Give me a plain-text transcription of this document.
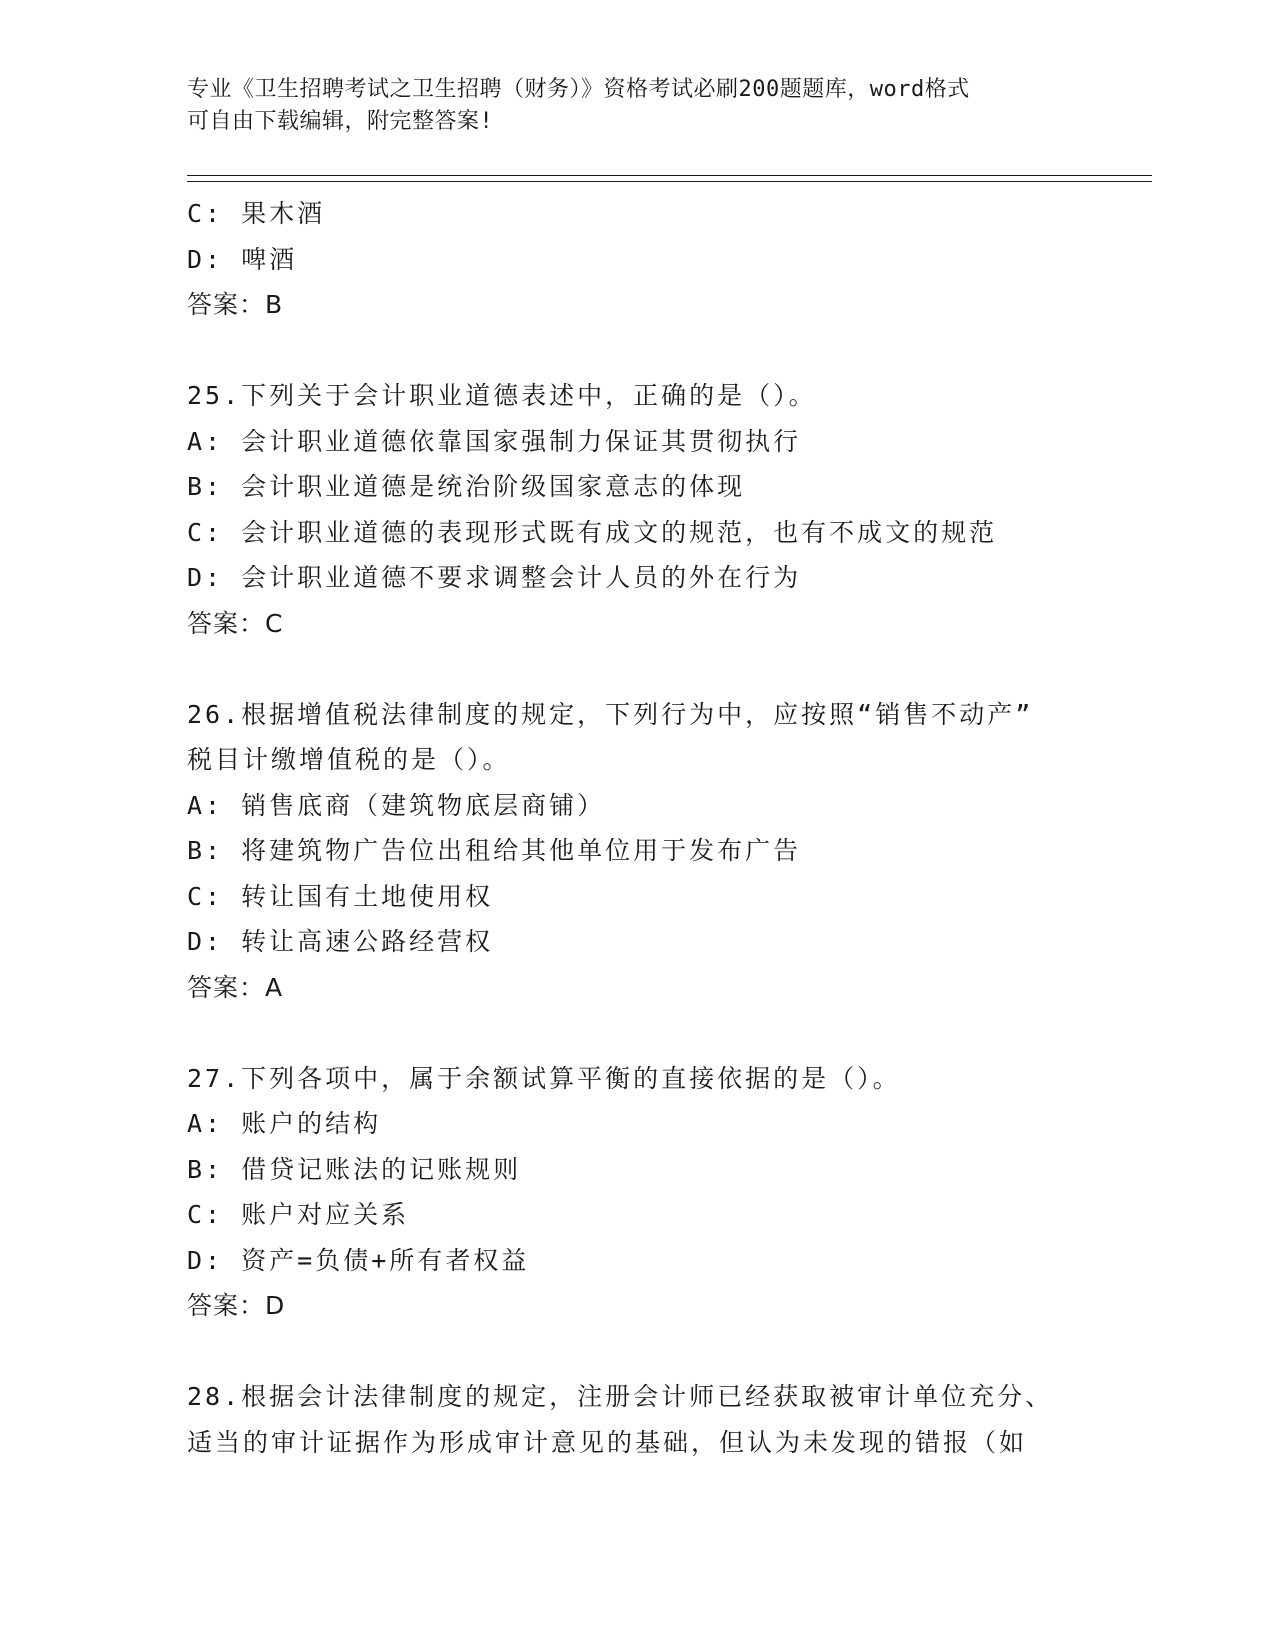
专业《卫生招聘考试之卫生招聘（财务）》资格考试必刷200题题库，word格式
可自由下载编辑，附完整答案!
C: 果木酒
D: 啤酒
答案：B
25.下列关于会计职业道德表述中，正确的是（）。
A: 会计职业道德依靠国家强制力保证其贯彻执行
B: 会计职业道德是统治阶级国家意志的体现
C: 会计职业道德的表现形式既有成文的规范，也有不成文的规范
D: 会计职业道德不要求调整会计人员的外在行为
答案：C
26.根据增值税法律制度的规定，下列行为中，应按照“销售不动产”
税目计缴增值税的是（）。
A: 销售底商（建筑物底层商铺）
B: 将建筑物广告位出租给其他单位用于发布广告
C: 转让国有土地使用权
D: 转让高速公路经营权
答案：A
27.下列各项中，属于余额试算平衡的直接依据的是（）。
A: 账户的结构
B: 借贷记账法的记账规则
C: 账户对应关系
D: 资产=负债+所有者权益
答案：D
28.根据会计法律制度的规定，注册会计师已经获取被审计单位充分、
适当的审计证据作为形成审计意见的基础，但认为未发现的错报（如
